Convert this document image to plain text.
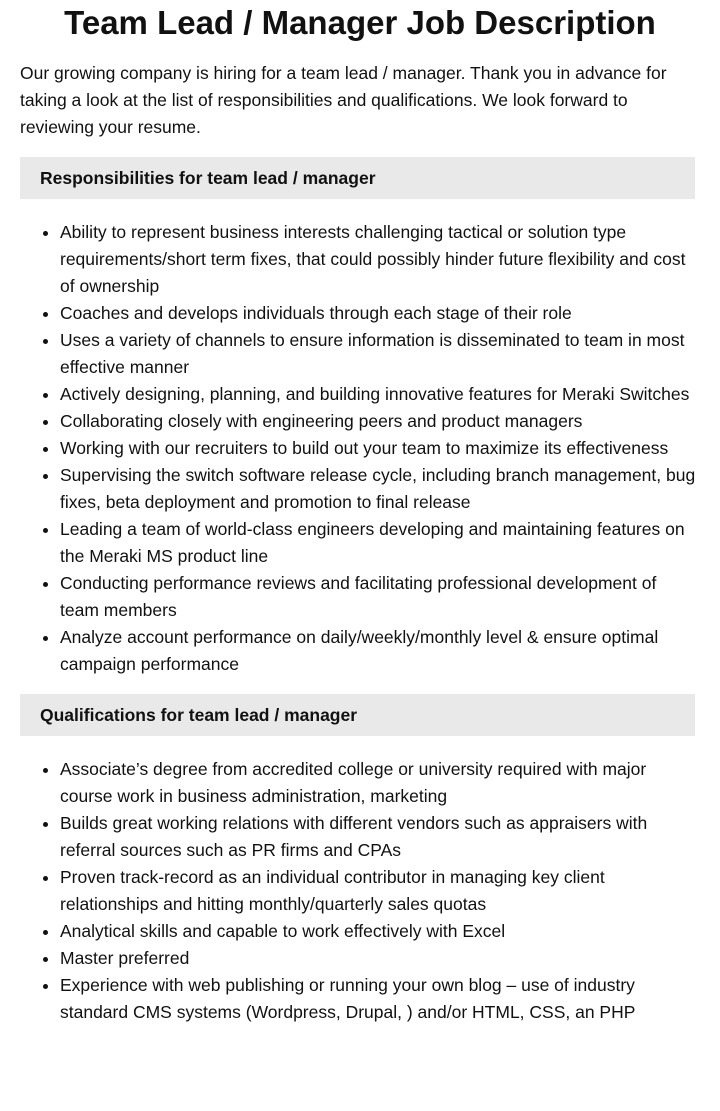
Team Lead / Manager Job Description

Our growing company is hiring for a team lead / manager. Thank you in advance for taking a look at the list of responsibilities and qualifications. We look forward to reviewing your resume.

Responsibilities for team lead / manager
• Ability to represent business interests challenging tactical or solution type requirements/short term fixes, that could possibly hinder future flexibility and cost of ownership
• Coaches and develops individuals through each stage of their role
• Uses a variety of channels to ensure information is disseminated to team in most effective manner
• Actively designing, planning, and building innovative features for Meraki Switches
• Collaborating closely with engineering peers and product managers
• Working with our recruiters to build out your team to maximize its effectiveness
• Supervising the switch software release cycle, including branch management, bug fixes, beta deployment and promotion to final release
• Leading a team of world-class engineers developing and maintaining features on the Meraki MS product line
• Conducting performance reviews and facilitating professional development of team members
• Analyze account performance on daily/weekly/monthly level & ensure optimal campaign performance
Qualifications for team lead / manager
• Associate’s degree from accredited college or university required with major course work in business administration, marketing
• Builds great working relations with different vendors such as appraisers with referral sources such as PR firms and CPAs
• Proven track-record as an individual contributor in managing key client relationships and hitting monthly/quarterly sales quotas
• Analytical skills and capable to work effectively with Excel
• Master preferred
• Experience with web publishing or running your own blog – use of industry standard CMS systems (Wordpress, Drupal, ) and/or HTML, CSS, an PHP
